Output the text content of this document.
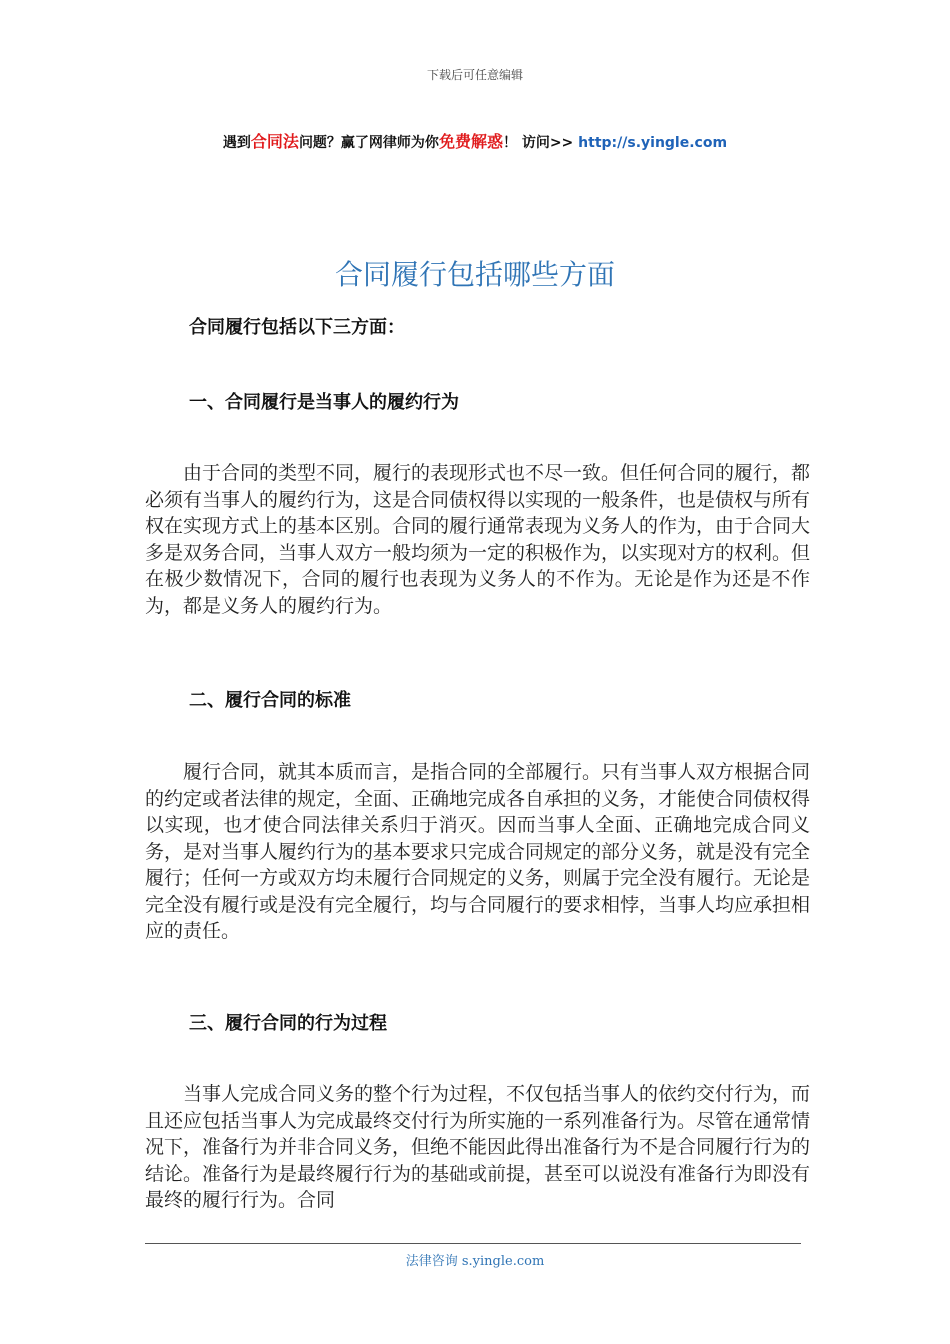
下载后可任意编辑
遇到合同法问题？赢了网律师为你免费解惑！ 访问>> http://s.yingle.com
合同履行包括哪些方面
合同履行包括以下三方面：
一、合同履行是当事人的履约行为
由于合同的类型不同，履行的表现形式也不尽一致。但任何合同的履行，都必须有当事人的履约行为，这是合同债权得以实现的一般条件，也是债权与所有权在实现方式上的基本区别。合同的履行通常表现为义务人的作为，由于合同大多是双务合同，当事人双方一般均须为一定的积极作为，以实现对方的权利。但在极少数情况下，合同的履行也表现为义务人的不作为。无论是作为还是不作为，都是义务人的履约行为。
二、履行合同的标准
履行合同，就其本质而言，是指合同的全部履行。只有当事人双方根据合同的约定或者法律的规定，全面、正确地完成各自承担的义务，才能使合同债权得以实现，也才使合同法律关系归于消灭。因而当事人全面、正确地完成合同义务，是对当事人履约行为的基本要求只完成合同规定的部分义务，就是没有完全履行；任何一方或双方均未履行合同规定的义务，则属于完全没有履行。无论是完全没有履行或是没有完全履行，均与合同履行的要求相悖，当事人均应承担相应的责任。
三、履行合同的行为过程
当事人完成合同义务的整个行为过程，不仅包括当事人的依约交付行为，而且还应包括当事人为完成最终交付行为所实施的一系列准备行为。尽管在通常情况下，准备行为并非合同义务，但绝不能因此得出准备行为不是合同履行行为的结论。准备行为是最终履行行为的基础或前提，甚至可以说没有准备行为即没有最终的履行行为。合同
法律咨询 s.yingle.com
